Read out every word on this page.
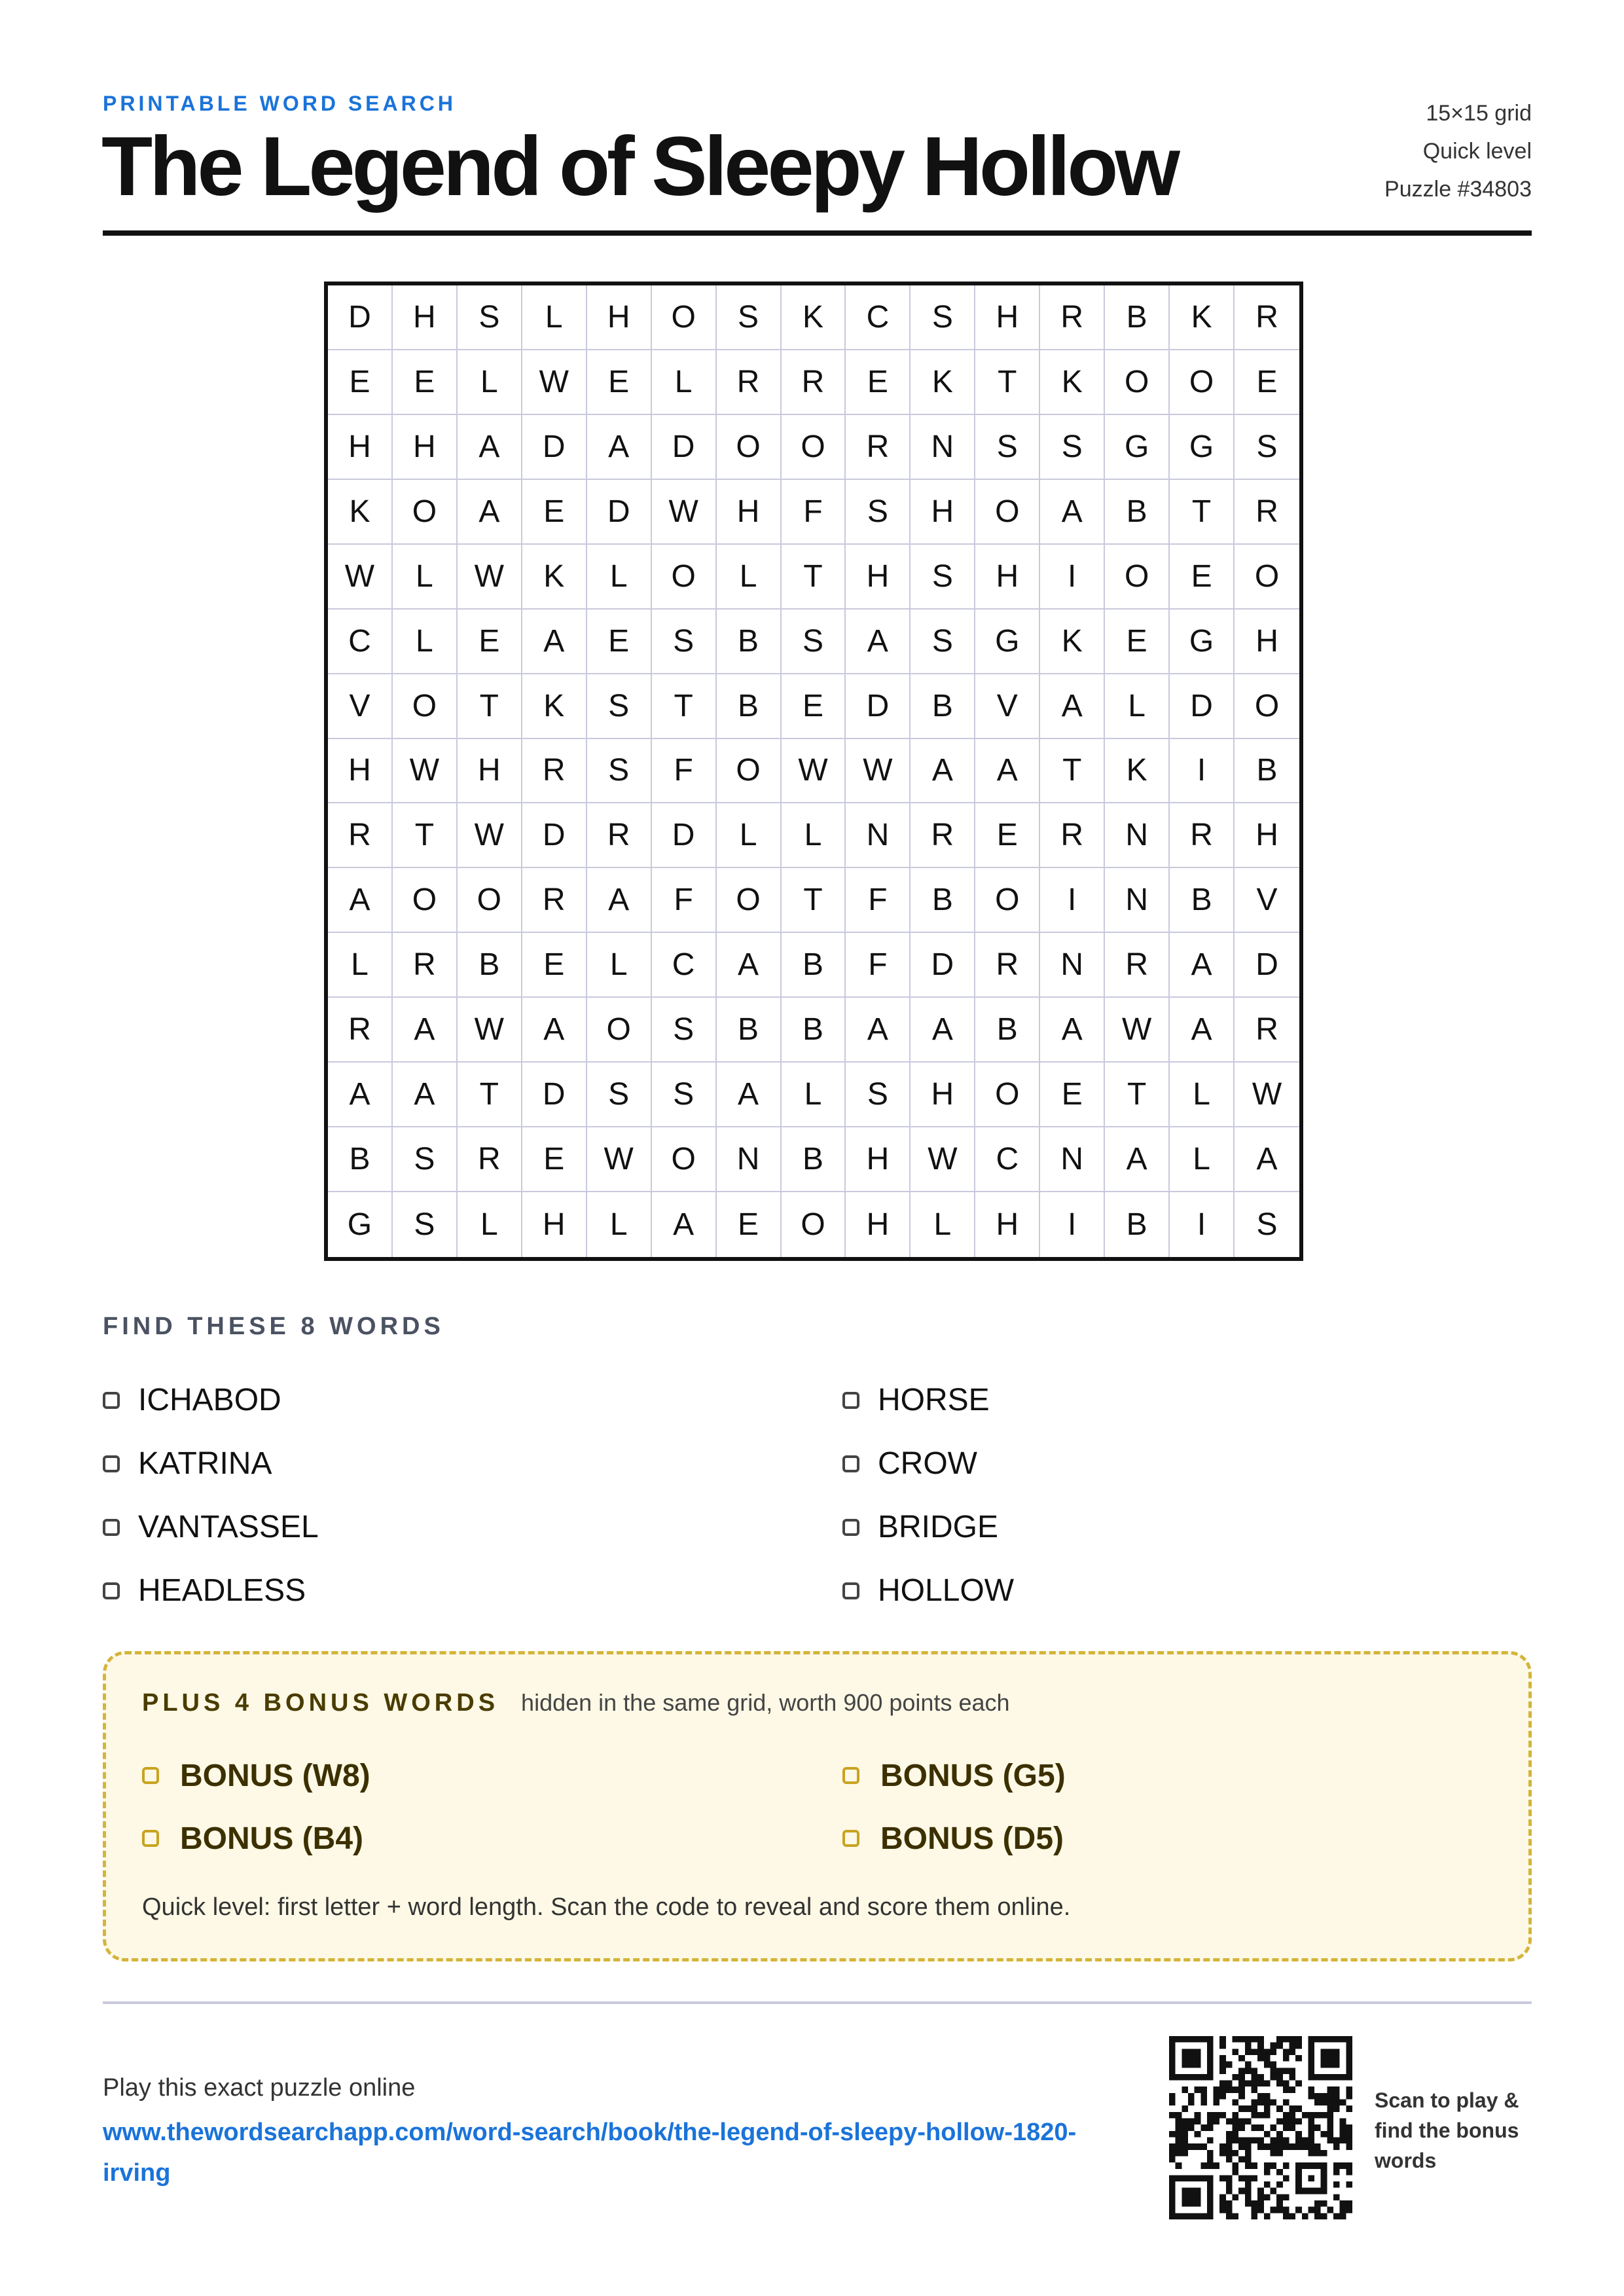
PRINTABLE WORD SEARCH
The Legend of Sleepy Hollow
15×15 grid
Quick level
Puzzle #34803
D	H	S	L	H	O	S	K	C	S	H	R	B	K	R
E	E	L	W	E	L	R	R	E	K	T	K	O	O	E
H	H	A	D	A	D	O	O	R	N	S	S	G	G	S
K	O	A	E	D	W	H	F	S	H	O	A	B	T	R
W	L	W	K	L	O	L	T	H	S	H	I	O	E	O
C	L	E	A	E	S	B	S	A	S	G	K	E	G	H
V	O	T	K	S	T	B	E	D	B	V	A	L	D	O
H	W	H	R	S	F	O	W	W	A	A	T	K	I	B
R	T	W	D	R	D	L	L	N	R	E	R	N	R	H
A	O	O	R	A	F	O	T	F	B	O	I	N	B	V
L	R	B	E	L	C	A	B	F	D	R	N	R	A	D
R	A	W	A	O	S	B	B	A	A	B	A	W	A	R
A	A	T	D	S	S	A	L	S	H	O	E	T	L	W
B	S	R	E	W	O	N	B	H	W	C	N	A	L	A
G	S	L	H	L	A	E	O	H	L	H	I	B	I	S
FIND THESE 8 WORDS
ICHABOD	HORSE
KATRINA	CROW
VANTASSEL	BRIDGE
HEADLESS	HOLLOW
PLUS 4 BONUS WORDS hidden in the same grid, worth 900 points each
BONUS (W8)	BONUS (G5)
BONUS (B4)	BONUS (D5)
Quick level: first letter + word length. Scan the code to reveal and score them online.
Play this exact puzzle online
www.thewordsearchapp.com/word-search/book/the-legend-of-sleepy-hollow-1820-irving
Scan to play & find the bonus words
